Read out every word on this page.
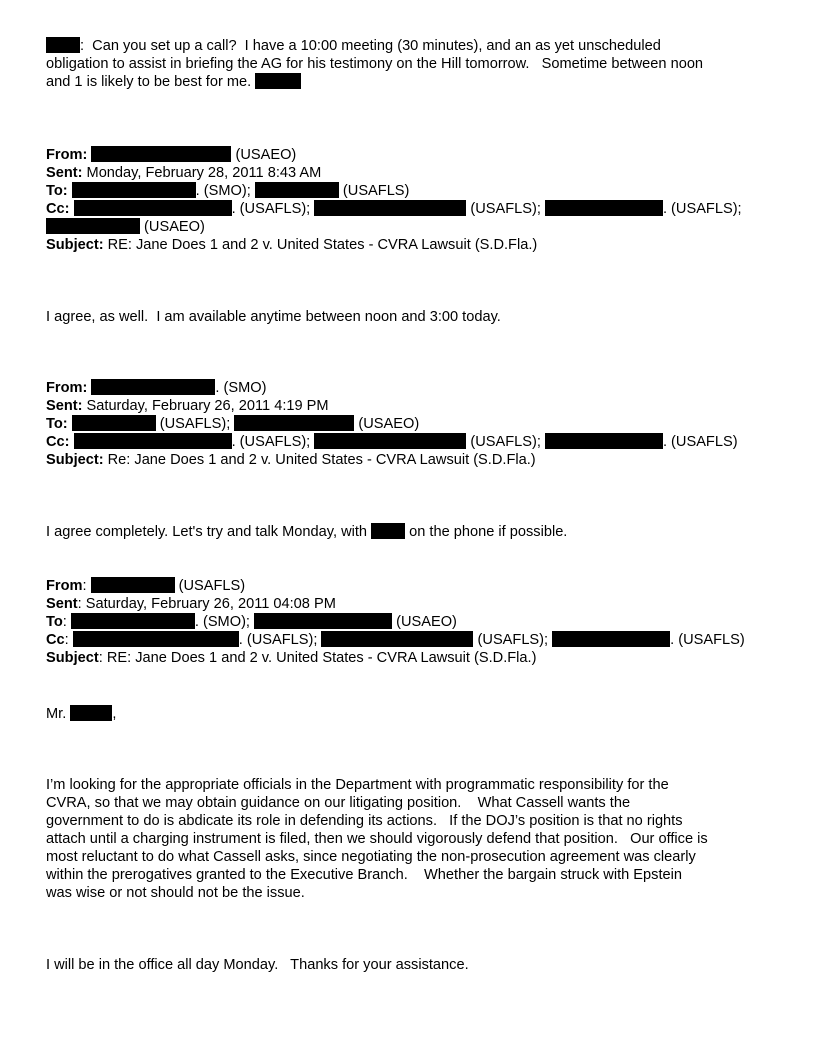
:  Can you set up a call?  I have a 10:00 meeting (30 minutes), and an as yet unscheduled
obligation to assist in briefing the AG for his testimony on the Hill tomorrow.   Sometime between noon
and 1 is likely to be best for me.
From:	(USAEO)
Sent: Monday, February 28, 2011 8:43 AM
To:	. (SMO);	(USAFLS)
Cc:	. (USAFLS);	(USAFLS);	. (USAFLS);
(USAEO)
Subject: RE: Jane Does 1 and 2 v. United States - CVRA Lawsuit (S.D.Fla.)
I agree, as well.  I am available anytime between noon and 3:00 today.
From:	. (SMO)
Sent: Saturday, February 26, 2011 4:19 PM
To:	(USAFLS);	(USAEO)
Cc:	. (USAFLS);	(USAFLS);	. (USAFLS)
Subject: Re: Jane Does 1 and 2 v. United States - CVRA Lawsuit (S.D.Fla.)
I agree completely. Let's try and talk Monday, with  on the phone if possible.
From:	(USAFLS)
Sent: Saturday, February 26, 2011 04:08 PM
To:	. (SMO);	(USAEO)
Cc:	. (USAFLS);	(USAFLS);	. (USAFLS)
Subject: RE: Jane Does 1 and 2 v. United States - CVRA Lawsuit (S.D.Fla.)
Mr.	,
I’m looking for the appropriate officials in the Department with programmatic responsibility for the
CVRA, so that we may obtain guidance on our litigating position.    What Cassell wants the
government to do is abdicate its role in defending its actions.   If the DOJ’s position is that no rights
attach until a charging instrument is filed, then we should vigorously defend that position.   Our office is
most reluctant to do what Cassell asks, since negotiating the non-prosecution agreement was clearly
within the prerogatives granted to the Executive Branch.    Whether the bargain struck with Epstein
was wise or not should not be the issue.
I will be in the office all day Monday.   Thanks for your assistance.
